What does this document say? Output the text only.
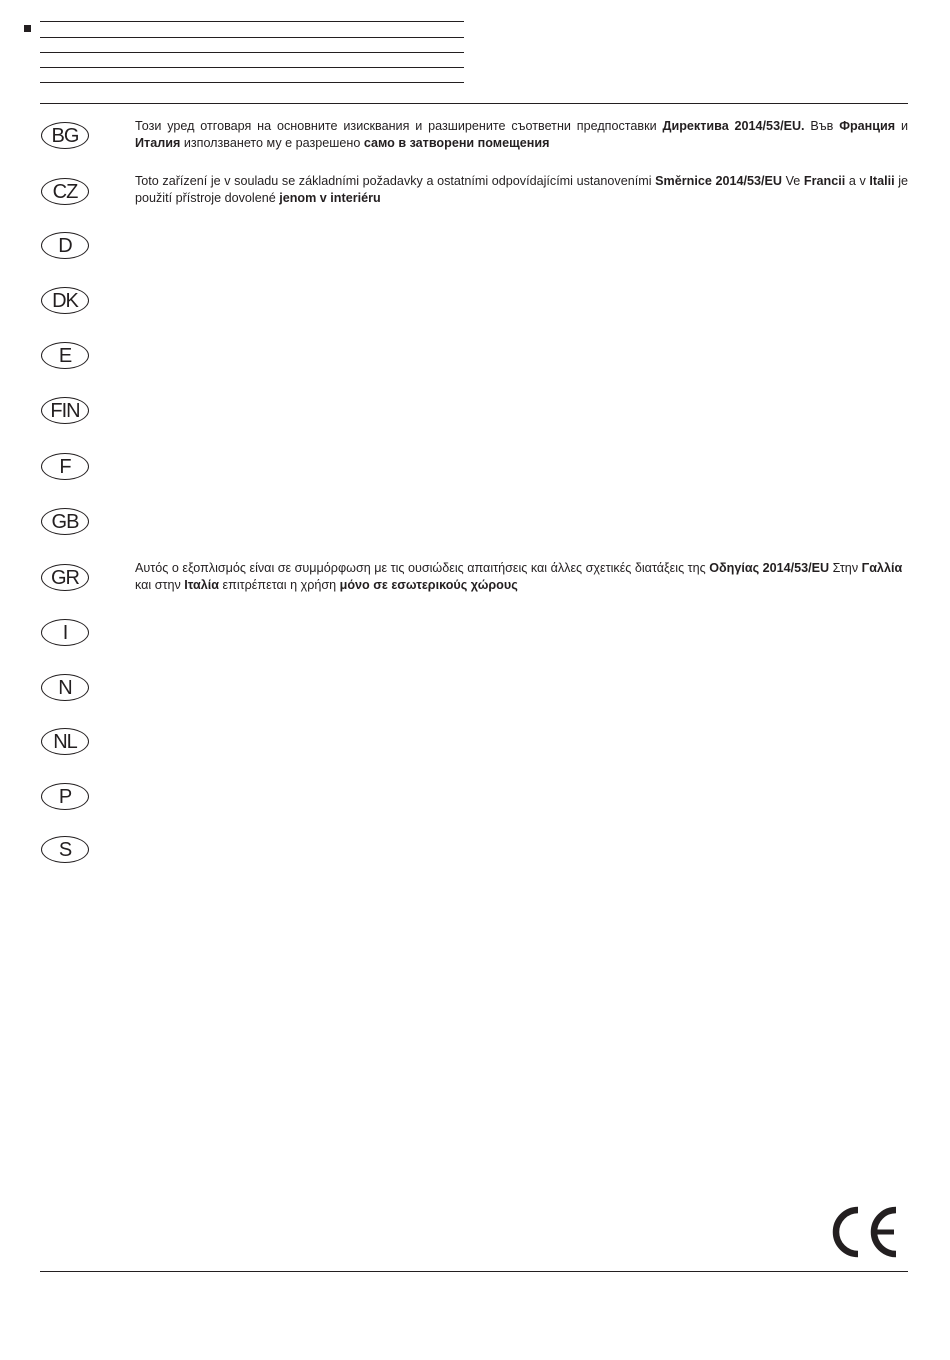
BG
CZ
D
DK
E
FIN
F
GB
GR
I
N
NL
P
S

Този уред отговаря на основните изисквания и разширените съответни предпоставки Директива 2014/53/EU. Във Франция и Италия използването му е разрешено само в затворени помещения

Toto zařízení je v souladu se základními požadavky a ostatními odpovídajícími ustanoveními Směrnice 2014/53/EU Ve Francii a v Italii je použití přístroje dovolené jenom v interiéru

Αυτός ο εξοπλισμός είναι σε συμμόρφωση με τις ουσιώδεις απαιτήσεις και άλλες σχετικές διατάξεις της Οδηγίας 2014/53/EU Στην Γαλλία και στην Ιταλία επιτρέπεται η χρήση μόνο σε εσωτερικούς χώρους
